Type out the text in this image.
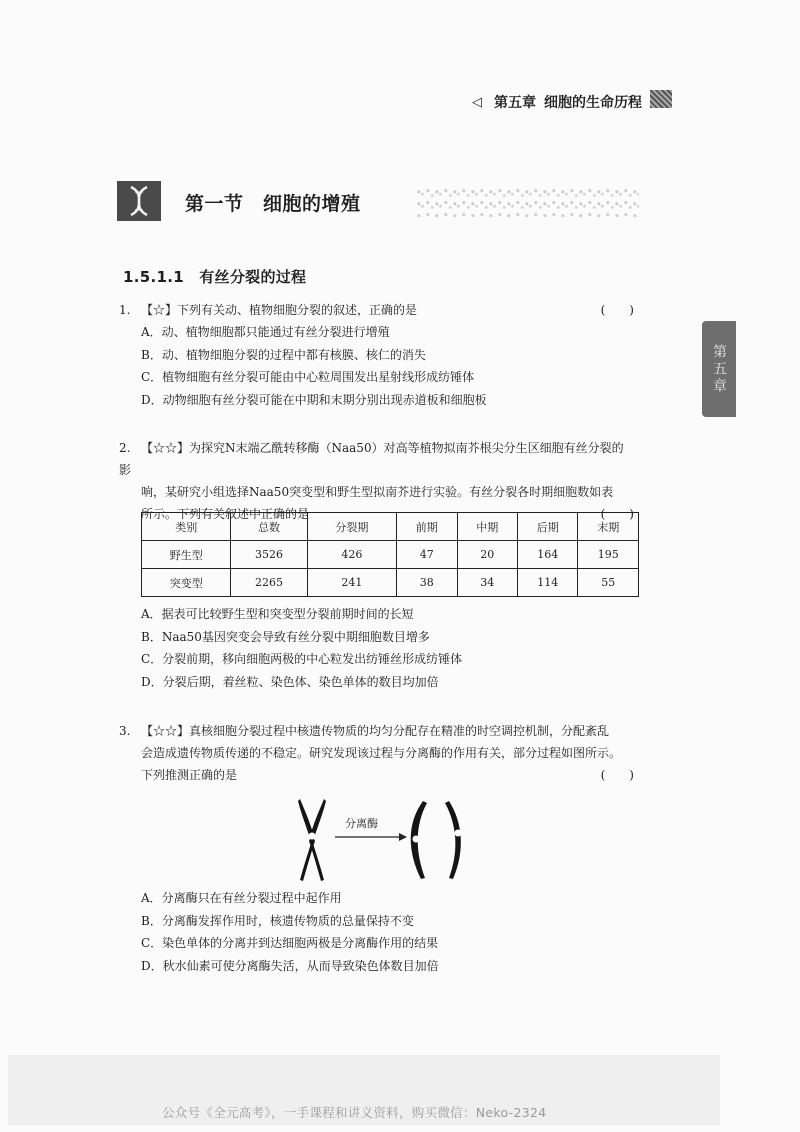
◁ 第五章 细胞的生命历程
第一节　细胞的增殖
1.5.1.1　有丝分裂的过程
第五章
1. 【☆】下列有关动、植物细胞分裂的叙述，正确的是	(　　)
A．动、植物细胞都只能通过有丝分裂进行增殖
B．动、植物细胞分裂的过程中都有核膜、核仁的消失
C．植物细胞有丝分裂可能由中心粒周围发出星射线形成纺锤体
D．动物细胞有丝分裂可能在中期和末期分别出现赤道板和细胞板
2. 【☆☆】为探究N末端乙酰转移酶（Naa50）对高等植物拟南芥根尖分生区细胞有丝分裂的影
响，某研究小组选择Naa50突变型和野生型拟南芥进行实验。有丝分裂各时期细胞数如表
所示。下列有关叙述中正确的是	(　　)
类别	总数	分裂期	前期	中期	后期	末期
野生型	3526	426	47	20	164	195
突变型	2265	241	38	34	114	55
A．据表可比较野生型和突变型分裂前期时间的长短
B．Naa50基因突变会导致有丝分裂中期细胞数目增多
C．分裂前期，移向细胞两极的中心粒发出纺锤丝形成纺锤体
D．分裂后期，着丝粒、染色体、染色单体的数目均加倍
3. 【☆☆】真核细胞分裂过程中核遗传物质的均匀分配存在精准的时空调控机制，分配紊乱
会造成遗传物质传递的不稳定。研究发现该过程与分离酶的作用有关，部分过程如图所示。
下列推测正确的是	(　　)
分离酶
A．分离酶只在有丝分裂过程中起作用
B．分离酶发挥作用时，核遗传物质的总量保持不变
C．染色单体的分离并到达细胞两极是分离酶作用的结果
D．秋水仙素可使分离酶失活，从而导致染色体数目加倍
公众号《全元高考》，一手课程和讲义资料，购买微信：Neko-2324
